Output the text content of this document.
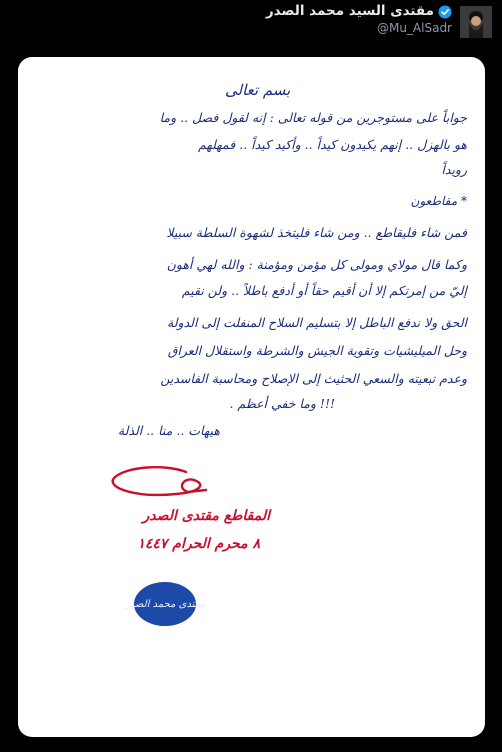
مقتدى السيد محمد الصدر
@Mu_AlSadr
بسم تعالى
جواباً على مستوجرين من قوله تعالى : إنه لقول فصل .. وما
هو بالهزل .. إنهم يكيدون كيداً .. وأكيد كيداً .. فمهلهم
رويداً
* مقاطعون
فمن شاء فليقاطع .. ومن شاء فليتخذ لشهوة السلطة سبيلا
وكما قال مولاي ومولى كل مؤمن ومؤمنة : والله لهي أهون
إليّ من إمرتكم إلا أن أقيم حقاً أو أدفع باطلاً .. ولن نقيم
الحق ولا ندفع الباطل إلا بتسليم السلاح المنفلت إلى الدولة
وحل الميليشيات وتقوية الجيش والشرطة واستقلال العراق
وعدم تبعيته والسعي الحثيث إلى الإصلاح ومحاسبة الفاسدين
!!! وما خفي أعظم .
هيهات .. منا .. الذلة
المقاطع مقتدى الصدر
٨ محرم الحرام ١٤٤٧
مقتدى محمد الصدر
